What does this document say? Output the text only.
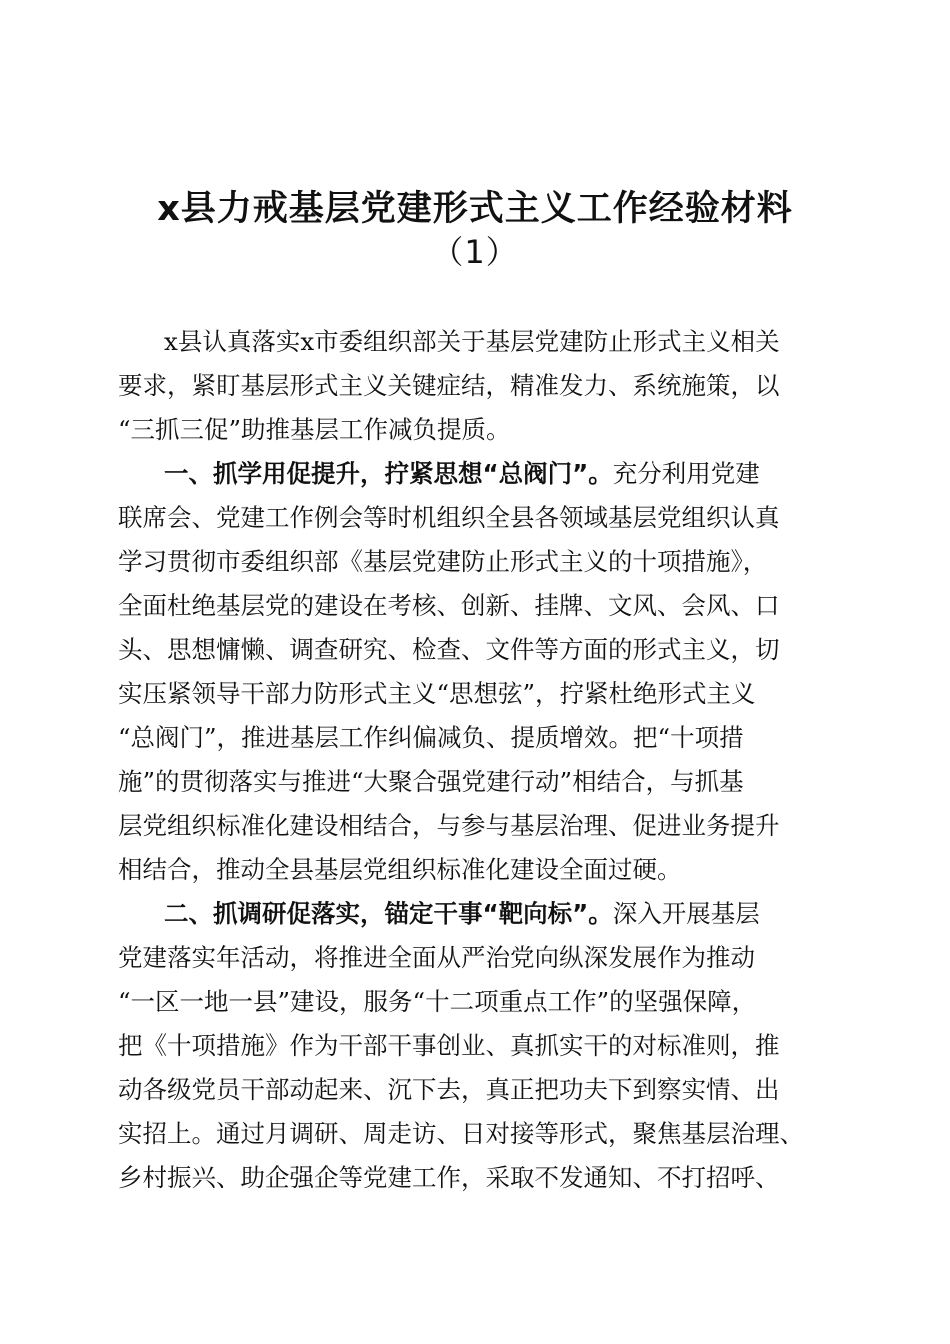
x县力戒基层党建形式主义工作经验材料
（1）

x县认真落实x市委组织部关于基层党建防止形式主义相关

要求，紧盯基层形式主义关键症结，精准发力、系统施策，以

“三抓三促”助推基层工作减负提质。

一、抓学用促提升，拧紧思想“总阀门”。充分利用党建

联席会、党建工作例会等时机组织全县各领域基层党组织认真

学习贯彻市委组织部《基层党建防止形式主义的十项措施》，

全面杜绝基层党的建设在考核、创新、挂牌、文风、会风、口

头、思想慵懒、调查研究、检查、文件等方面的形式主义，切

实压紧领导干部力防形式主义“思想弦”，拧紧杜绝形式主义

“总阀门”，推进基层工作纠偏减负、提质增效。把“十项措

施”的贯彻落实与推进“大聚合强党建行动”相结合，与抓基

层党组织标准化建设相结合，与参与基层治理、促进业务提升

相结合，推动全县基层党组织标准化建设全面过硬。

二、抓调研促落实，锚定干事“靶向标”。深入开展基层

党建落实年活动，将推进全面从严治党向纵深发展作为推动

“一区一地一县”建设，服务“十二项重点工作”的坚强保障，

把《十项措施》作为干部干事创业、真抓实干的对标准则，推

动各级党员干部动起来、沉下去，真正把功夫下到察实情、出

实招上。通过月调研、周走访、日对接等形式，聚焦基层治理、

乡村振兴、助企强企等党建工作，采取不发通知、不打招呼、
